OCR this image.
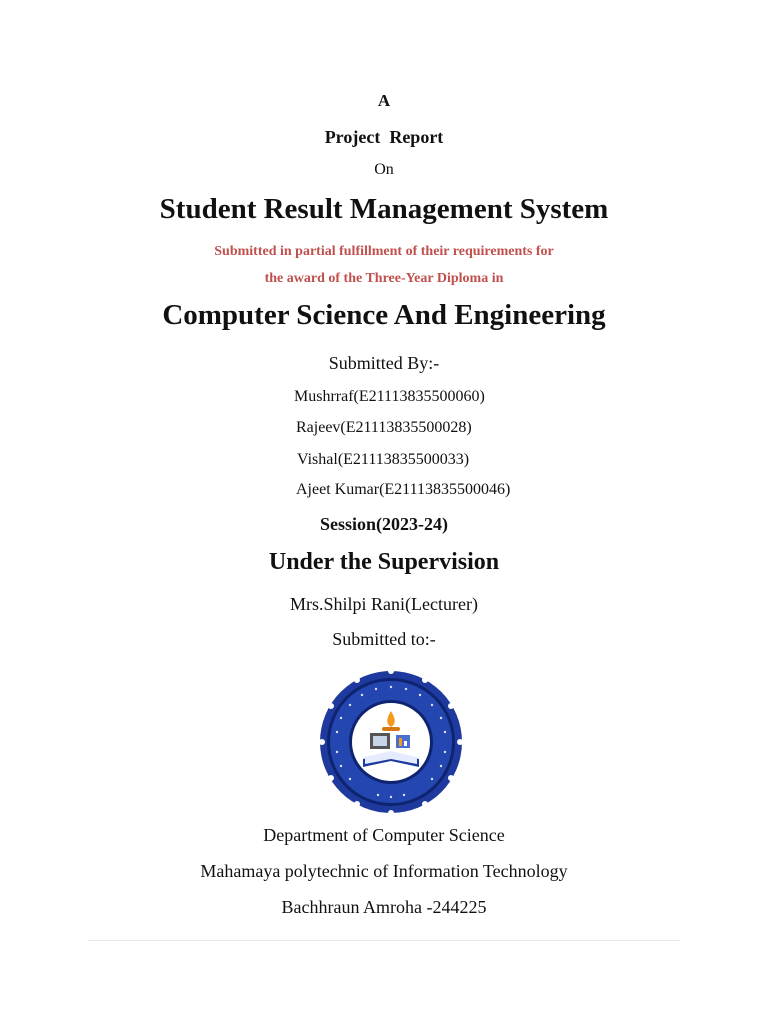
A
Project  Report
On
Student Result Management System
Submitted in partial fulfillment of their requirements for
the award of the Three-Year Diploma in
Computer Science And Engineering
Submitted By:-
Mushrraf(E21113835500060)
Rajeev(E21113835500028)
Vishal(E21113835500033)
Ajeet Kumar(E21113835500046)
Session(2023-24)
Under the Supervision
Mrs.Shilpi Rani(Lecturer)
Submitted to:-
Department of Computer Science
Mahamaya polytechnic of Information Technology
Bachhraun Amroha -244225
